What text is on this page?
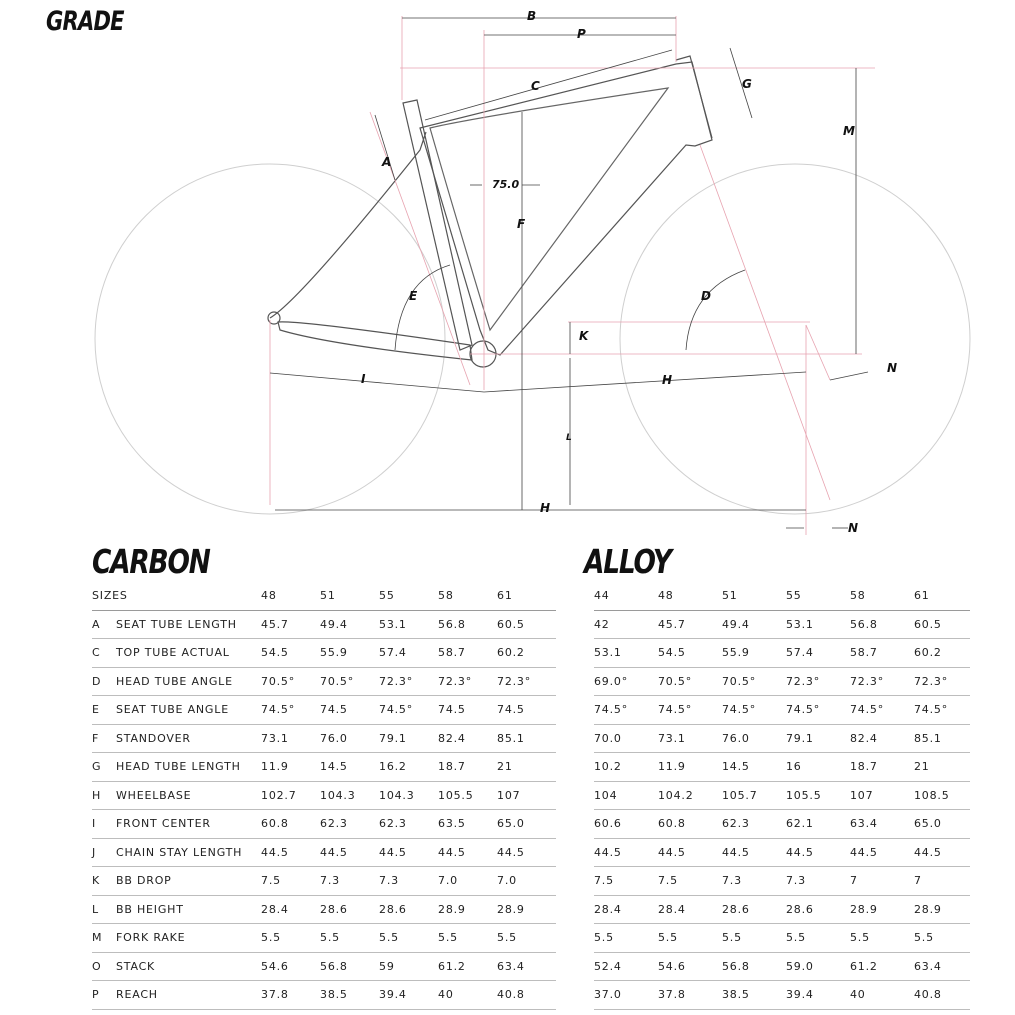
GRADE	B
P
C	G
M
A
75.0
F
E	D
K
N
I	H
L
H
N
CARBON
SIZES		48	51	55	58	61
A	SEAT TUBE LENGTH	45.7	49.4	53.1	56.8	60.5
C	TOP TUBE ACTUAL	54.5	55.9	57.4	58.7	60.2
D	HEAD TUBE ANGLE	70.5°	70.5°	72.3°	72.3°	72.3°
E	SEAT TUBE ANGLE	74.5°	74.5	74.5°	74.5	74.5
F	STANDOVER	73.1	76.0	79.1	82.4	85.1
G	HEAD TUBE LENGTH	11.9	14.5	16.2	18.7	21
H	WHEELBASE	102.7	104.3	104.3	105.5	107
I	FRONT CENTER	60.8	62.3	62.3	63.5	65.0
J	CHAIN STAY LENGTH	44.5	44.5	44.5	44.5	44.5
K	BB DROP	7.5	7.3	7.3	7.0	7.0
L	BB HEIGHT	28.4	28.6	28.6	28.9	28.9
M	FORK RAKE	5.5	5.5	5.5	5.5	5.5
O	STACK	54.6	56.8	59	61.2	63.4
P	REACH	37.8	38.5	39.4	40	40.8
ALLOY
44	48	51	55	58	61
42	45.7	49.4	53.1	56.8	60.5
53.1	54.5	55.9	57.4	58.7	60.2
69.0°	70.5°	70.5°	72.3°	72.3°	72.3°
74.5°	74.5°	74.5°	74.5°	74.5°	74.5°
70.0	73.1	76.0	79.1	82.4	85.1
10.2	11.9	14.5	16	18.7	21
104	104.2	105.7	105.5	107	108.5
60.6	60.8	62.3	62.1	63.4	65.0
44.5	44.5	44.5	44.5	44.5	44.5
7.5	7.5	7.3	7.3	7	7
28.4	28.4	28.6	28.6	28.9	28.9
5.5	5.5	5.5	5.5	5.5	5.5
52.4	54.6	56.8	59.0	61.2	63.4
37.0	37.8	38.5	39.4	40	40.8
